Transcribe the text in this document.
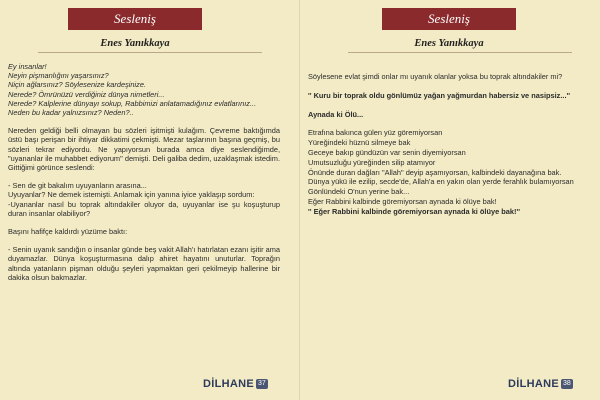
Sesleniş
Enes Yanıkkaya

Ey insanlar!

Neyin pişmanlığını yaşarsınız?

Niçin ağlarsınız? Söylesenize kardeşinize.

Nerede? Ömrünüzü verdiğiniz dünya nimetleri...

Nerede? Kalplerine dünyayı sokup, Rabbimizi anlatamadığınız evlatlarınız...

Neden bu kadar yalnızsınız? Neden?..

Nereden geldiği belli olmayan bu sözleri işitmişti kulağım. Çevreme baktığımda üstü başı perişan bir ihtiyar dikkatimi çekmişti. Mezar taşlarının başına geçmiş, bu sözleri tekrar ediyordu. Ne yapıyorsun burada amca diye seslendiğimde, "uyananlar ile muhabbet ediyorum" demişti. Deli galiba dedim, uzaklaşmak istedim. Gittiğimi görünce seslendi:

- Sen de git bakalım uyuyanların arasına...

Uyuyanlar? Ne demek istemişti. Anlamak için yanına iyice yaklaşıp sordum:

-Uyananlar nasıl bu toprak altındakiler oluyor da, uyuyanlar ise şu koşuşturup duran insanlar olabiliyor?

Başını hafifçe kaldırdı yüzüme baktı:

- Senin uyanık sandığın o insanlar günde beş vakit Allah'ı hatırlatan ezanı işitir ama duyamazlar. Dünya koşuşturmasına dalıp ahiret hayatını unuturlar. Toprağın altında yatanların pişman olduğu şeyleri yapmaktan geri çekilmeyip hallerine bir dakika olsun bakmazlar.

DİLHANE 37
Sesleniş
Enes Yanıkkaya

Söylesene evlat şimdi onlar mı uyanık olanlar yoksa bu toprak altındakiler mi?

'' Kuru bir toprak oldu gönlümüz yağan yağmurdan habersiz ve nasipsiz...''

Aynada ki Ölü...

Etrafına bakınca gülen yüz göremiyorsan
Yüreğindeki hüznü silmeye bak
Geceye bakıp gündüzün var senin diyemiyorsan
Umutsuzluğu yüreğinden silip atamıyor
Önünde duran dağları "Allah" deyip aşamıyorsan, kalbindeki dayanağına bak.
Dünya yükü ile ezilip, secde'de, Allah'a en yakın olan yerde ferahlık bulamıyorsan
Gönlündeki O'nun yerine bak...
Eğer Rabbini kalbinde göremiyorsan aynada ki ölüye bak!
'' Eğer Rabbini kalbinde göremiyorsan aynada ki ölüye bak!''
DİLHANE 38
